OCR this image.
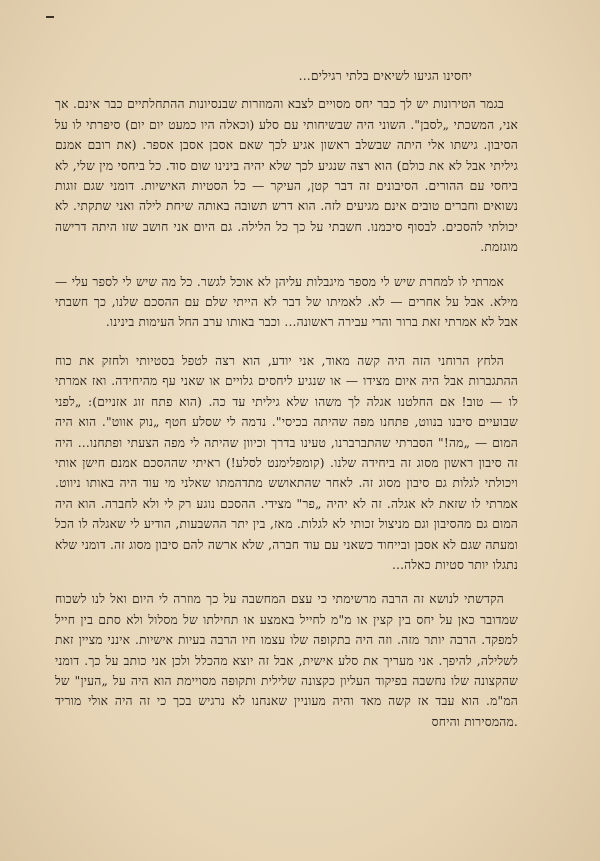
יחסינו הגיעו לשיאים בלתי רגילים...

בגמר הטירונות יש לך כבר יחס מסויים לצבא והמוזרות שבנסיונות ההתחלתיים כבר אינם. אך אני, המשכתי „לסבן". השוני היה שבשיחותי עם סלע (וכאלה היו כמעט יום יום) סיפרתי לו על הסיבון. גישתו אלי היתה שבשלב ראשון אגיע לכך שאם אסבן אסבן אספר. (את רובם אמנם גיליתי אבל לא את כולם) הוא רצה שנגיע לכך שלא יהיה בינינו שום סוד. כל ביחסי מין שלי, לא ביחסי עם ההורים. הסיבונים זה דבר קטן, העיקר — כל הסטיות האישיות. דומני שגם זוגות נשואים וחברים טובים אינם מגיעים לזה. הוא דרש תשובה באותה שיחת לילה ואני שתקתי. לא יכולתי להסכים. לבסוף סיכמנו. חשבתי על כך כל הלילה. גם היום אני חושב שזו היתה דרישה מוגזמת.

אמרתי לו למחרת שיש לי מספר מיגבלות עליהן לא אוכל לגשר. כל מה שיש לי לספר עלי — מילא. אבל על אחרים — לא. לאמיתו של דבר לא הייתי שלם עם ההסכם שלנו, כך חשבתי אבל לא אמרתי זאת ברור והרי עבירה ראשונה... וכבר באותו ערב החל העימות בינינו.

הלחץ הרוחני הזה היה קשה מאוד, אני יודע, הוא רצה לטפל בסטיותי ולחזק את כוח ההתגברות אבל היה איום מצידו — או שנגיע ליחסים גלויים או שאני עף מהיחידה. ואז אמרתי לו — טוב! אם החלטנו אגלה לך משהו שלא גיליתי עד כה. (הוא פתח זוג אזניים): „לפני שבועיים סיבנו בנווט, פתחנו מפה שהיתה בכיסי". נדמה לי שסלע חטף „נוק אווט". הוא היה המום — „מה!" הסברתי שהתברברנו, טעינו בדרך וכיוון שהיתה לי מפה הצעתי ופתחנו... היה זה סיבון ראשון מסוג זה ביחידה שלנו. (קומפלימנט לסלע!) ראיתי שההסכם אמנם חישן אותי ויכולתי לגלות גם סיבון מסוג זה. לאחר שהתאושש מתדהמתו שאלני מי עוד היה באותו ניווט. אמרתי לו שזאת לא אגלה. זה לא יהיה „פר" מצידי. ההסכם נוגע רק לי ולא לחברה. הוא היה המום גם מהסיבון וגם מניצול זכותי לא לגלות. מאז, בין יתר ההשבעות, הודיע לי שאגלה לו הכל ומעתה שגם לא אסבן ובייחוד כשאני עם עוד חברה, שלא ארשה להם סיבון מסוג זה. דומני שלא נתגלו יותר סטיות כאלה...

הקדשתי לנושא זה הרבה מרשימתי כי עצם המחשבה על כך מוזרה לי היום ואל לנו לשכוח שמדובר כאן על יחס בין קצין או מ"מ לחייל באמצע או תחילתו של מסלול ולא סתם בין חייל למפקד. הרבה יותר מזה. וזה היה בתקופה שלו עצמו חיו הרבה בעיות אישיות. אינני מציין זאת לשלילה, להיפך. אני מעריך את סלע אישית, אבל זה יוצא מהכלל ולכן אני כותב על כך. דומני שהקצונה שלו נחשבה בפיקוד העליון כקצונה שלילית ותקופה מסויימת הוא היה על „העין" של המ"מ. הוא עבד אז קשה מאד והיה מעוניין שאנחנו לא נרגיש בכך כי זה היה אולי מוריד .מהמסירות והיחס
